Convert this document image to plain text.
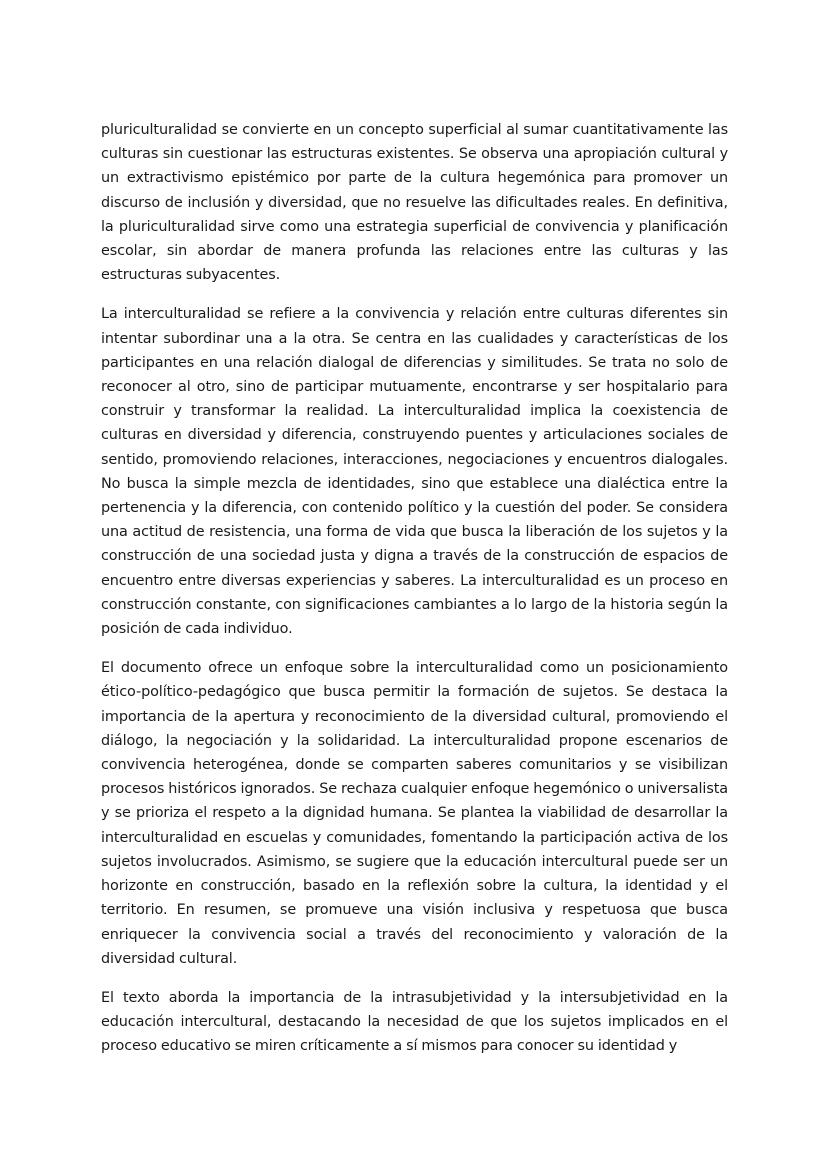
pluriculturalidad se convierte en un concepto superficial al sumar cuantitativamente las culturas sin cuestionar las estructuras existentes. Se observa una apropiación cultural y un extractivismo epistémico por parte de la cultura hegemónica para promover un discurso de inclusión y diversidad, que no resuelve las dificultades reales. En definitiva, la pluriculturalidad sirve como una estrategia superficial de convivencia y planificación escolar, sin abordar de manera profunda las relaciones entre las culturas y las estructuras subyacentes.

La interculturalidad se refiere a la convivencia y relación entre culturas diferentes sin intentar subordinar una a la otra. Se centra en las cualidades y características de los participantes en una relación dialogal de diferencias y similitudes. Se trata no solo de reconocer al otro, sino de participar mutuamente, encontrarse y ser hospitalario para construir y transformar la realidad. La interculturalidad implica la coexistencia de culturas en diversidad y diferencia, construyendo puentes y articulaciones sociales de sentido, promoviendo relaciones, interacciones, negociaciones y encuentros dialogales. No busca la simple mezcla de identidades, sino que establece una dialéctica entre la pertenencia y la diferencia, con contenido político y la cuestión del poder. Se considera una actitud de resistencia, una forma de vida que busca la liberación de los sujetos y la construcción de una sociedad justa y digna a través de la construcción de espacios de encuentro entre diversas experiencias y saberes. La interculturalidad es un proceso en construcción constante, con significaciones cambiantes a lo largo de la historia según la posición de cada individuo.

El documento ofrece un enfoque sobre la interculturalidad como un posicionamiento ético-político-pedagógico que busca permitir la formación de sujetos. Se destaca la importancia de la apertura y reconocimiento de la diversidad cultural, promoviendo el diálogo, la negociación y la solidaridad. La interculturalidad propone escenarios de convivencia heterogénea, donde se comparten saberes comunitarios y se visibilizan procesos históricos ignorados. Se rechaza cualquier enfoque hegemónico o universalista y se prioriza el respeto a la dignidad humana. Se plantea la viabilidad de desarrollar la interculturalidad en escuelas y comunidades, fomentando la participación activa de los sujetos involucrados. Asimismo, se sugiere que la educación intercultural puede ser un horizonte en construcción, basado en la reflexión sobre la cultura, la identidad y el territorio. En resumen, se promueve una visión inclusiva y respetuosa que busca enriquecer la convivencia social a través del reconocimiento y valoración de la diversidad cultural.

El texto aborda la importancia de la intrasubjetividad y la intersubjetividad en la educación intercultural, destacando la necesidad de que los sujetos implicados en el proceso educativo se miren críticamente a sí mismos para conocer su identidad y
